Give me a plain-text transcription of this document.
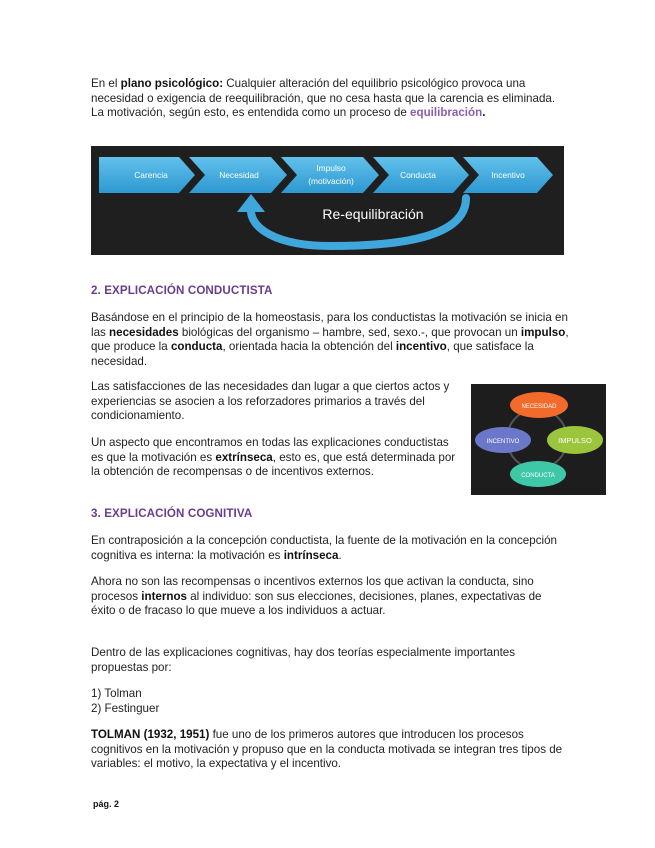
En el plano psicológico: Cualquier alteración del equilibrio psicológico provoca una necesidad o exigencia de reequilibración, que no cesa hasta que la carencia es eliminada. La motivación, según esto, es entendida como un proceso de equilibración.

Carencia	Necesidad
Impulso
(motivación)
Conducta	Incentivo
Re-equilibración
2. EXPLICACIÓN CONDUCTISTA

Basándose en el principio de la homeostasis, para los conductistas la motivación se inicia en las necesidades biológicas del organismo – hambre, sed, sexo.-, que provocan un impulso, que produce la conducta, orientada hacia la obtención del incentivo, que satisface la necesidad.

Las satisfacciones de las necesidades dan lugar a que ciertos actos y experiencias se asocien a los reforzadores primarios a través del condicionamiento.

Un aspecto que encontramos en todas las explicaciones conductistas es que la motivación es extrínseca, esto es, que está determinada por la obtención de recompensas o de incentivos externos.

NECESIDAD
IMPULSO
CONDUCTA
INCENTIVO
3. EXPLICACIÓN COGNITIVA

En contraposición a la concepción conductista, la fuente de la motivación en la concepción cognitiva es interna: la motivación es intrínseca.

Ahora no son las recompensas o incentivos externos los que activan la conducta, sino procesos internos al individuo: son sus elecciones, decisiones, planes, expectativas de éxito o de fracaso lo que mueve a los individuos a actuar.

Dentro de las explicaciones cognitivas, hay dos teorías especialmente importantes propuestas por:

1) Tolman

2) Festinguer

TOLMAN (1932, 1951) fue uno de los primeros autores que introducen los procesos cognitivos en la motivación y propuso que en la conducta motivada se integran tres tipos de variables: el motivo, la expectativa y el incentivo.

pág. 2
